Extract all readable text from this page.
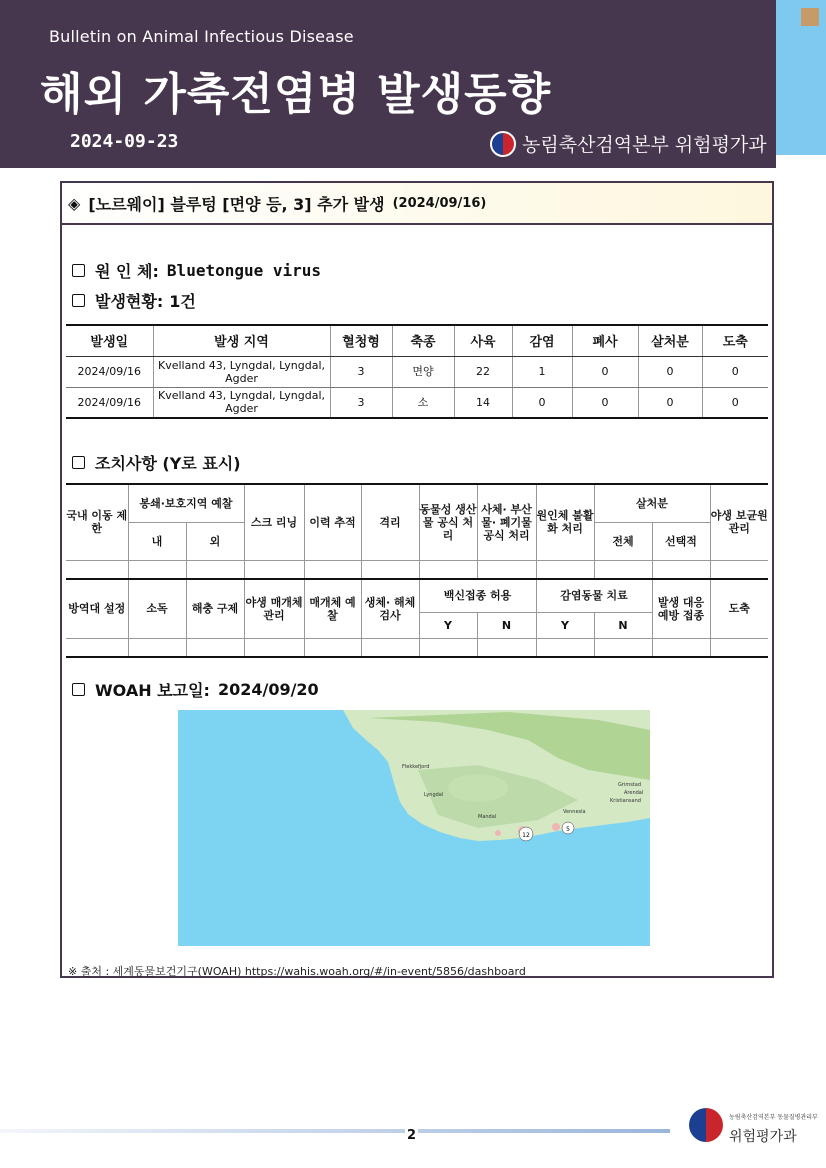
Bulletin on Animal Infectious Disease
해외 가축전염병 발생동향
2024-09-23	농림축산검역본부 위험평가과
◈ [노르웨이] 블루텅 [면양 등, 3] 추가 발생 (2024/09/16)
원 인 체: Bluetongue virus
발생현황: 1건
발생일	발생 지역	혈청형	축종	사육	감염	폐사	살처분	도축
2024/09/16	Kvelland 43, Lyngdal, Lyngdal, Agder	3	면양	22	1	0	0	0
2024/09/16	Kvelland 43, Lyngdal, Lyngdal, Agder	3	소	14	0	0	0	0
조치사항 (Y로 표시)
국내 이동 제한	봉쇄·보호지역 예찰		스크 리닝	이력 추적	격리	동물성 생산물 공식 처리	사체· 부산물· 폐기물 공식 처리	원인체 불활화 처리	살처분		야생 보균원 관리
	내	외							전체	선택적	

방역대 설정	소독	해충 구제	야생 매개체 관리	매개체 예찰	생체· 해체 검사	백신접종 허용		감염동물 치료		발생 대응 예방 접종	도축
						Y	N	Y	N		

WOAH 보고일: 2024/09/20
12
5
Kristiansand
Vennesla
Arendal
Grimstad
Mandal
Lyngdal
Flekkefjord
※ 출처 : 세계동물보건기구(WOAH) https://wahis.woah.org/#/in-event/5856/dashboard
2
농림축산검역본부 동물질병관리부
위험평가과
